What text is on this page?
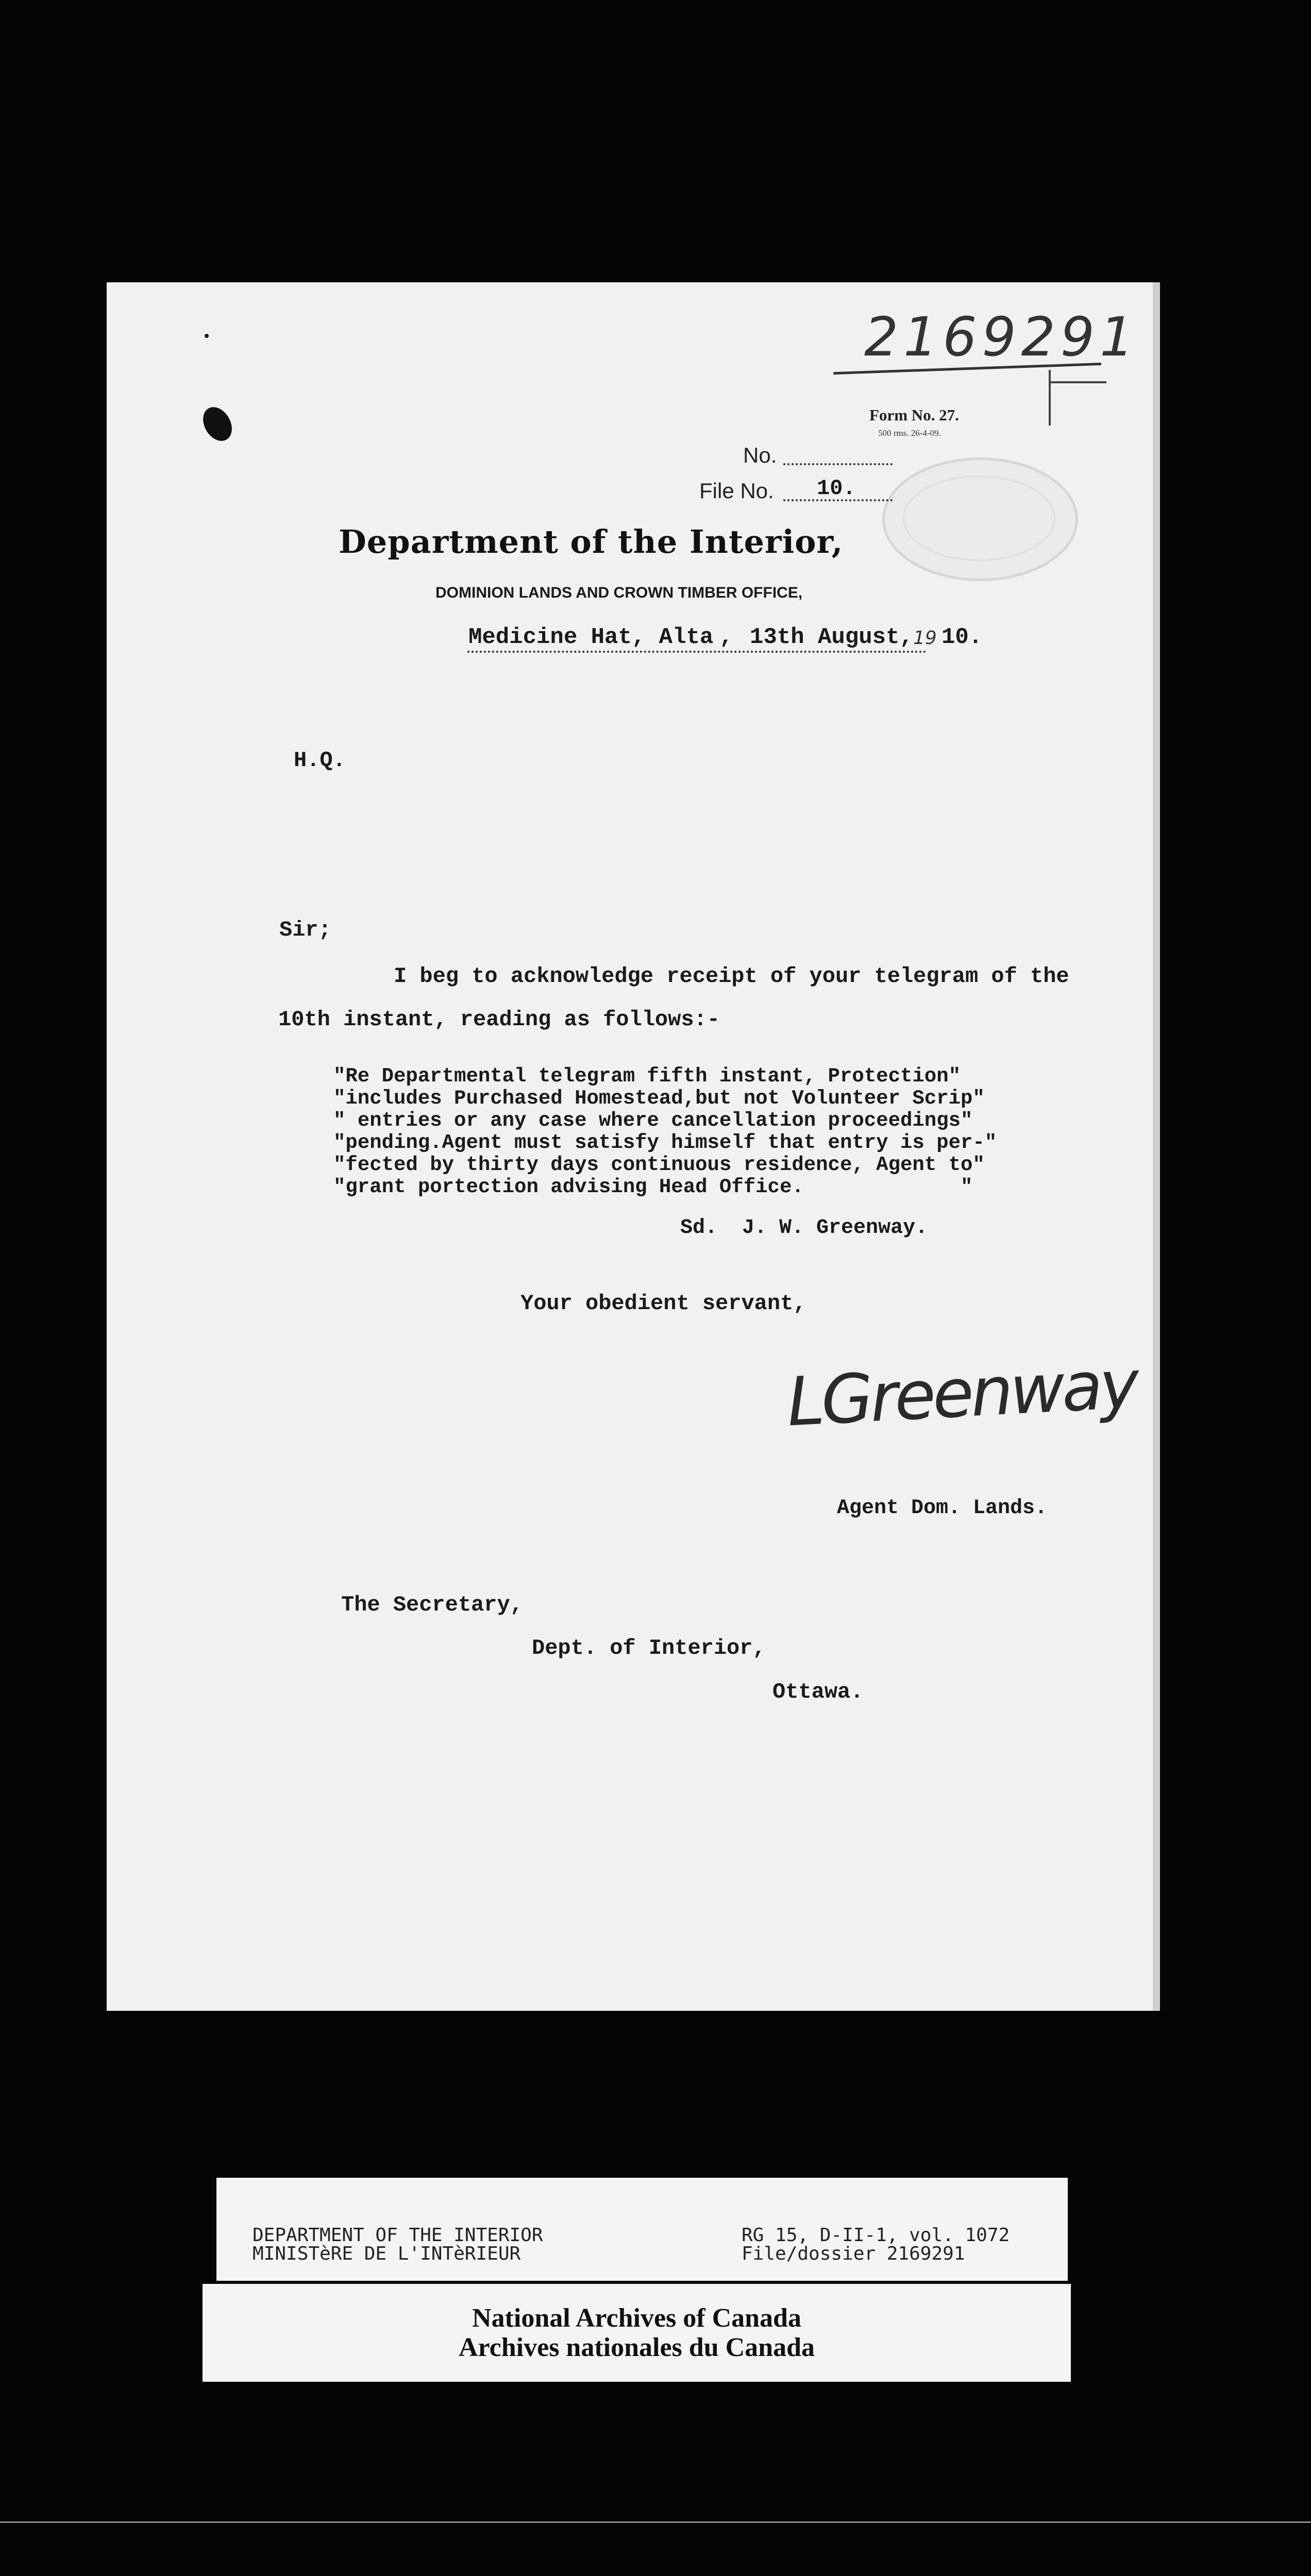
2169291
Form No. 27.
500 rms. 26-4-09.
No.
File No. 10.
Department of the Interior,
DOMINION LANDS AND CROWN TIMBER OFFICE,
Medicine Hat, Alta , 13th August, 19 10.
H.Q.
Sir;
I beg to acknowledge receipt of your telegram of the
10th instant, reading as follows:-
"Re Departmental telegram fifth instant, Protection"
"includes Purchased Homestead,but not Volunteer Scrip"
" entries or any case where cancellation proceedings"
"pending.Agent must satisfy himself that entry is per-"
"fected by thirty days continuous residence, Agent to"
"grant portection advising Head Office.             "
Sd.  J. W. Greenway.
Your obedient servant,
LGreenway
Agent Dom. Lands.
The Secretary,
Dept. of Interior,
Ottawa.
DEPARTMENT OF THE INTERIOR
MINISTèRE DE L'INTèRIEUR
RG 15, D-II-1, vol. 1072
File/dossier 2169291
National Archives of Canada
Archives nationales du Canada
